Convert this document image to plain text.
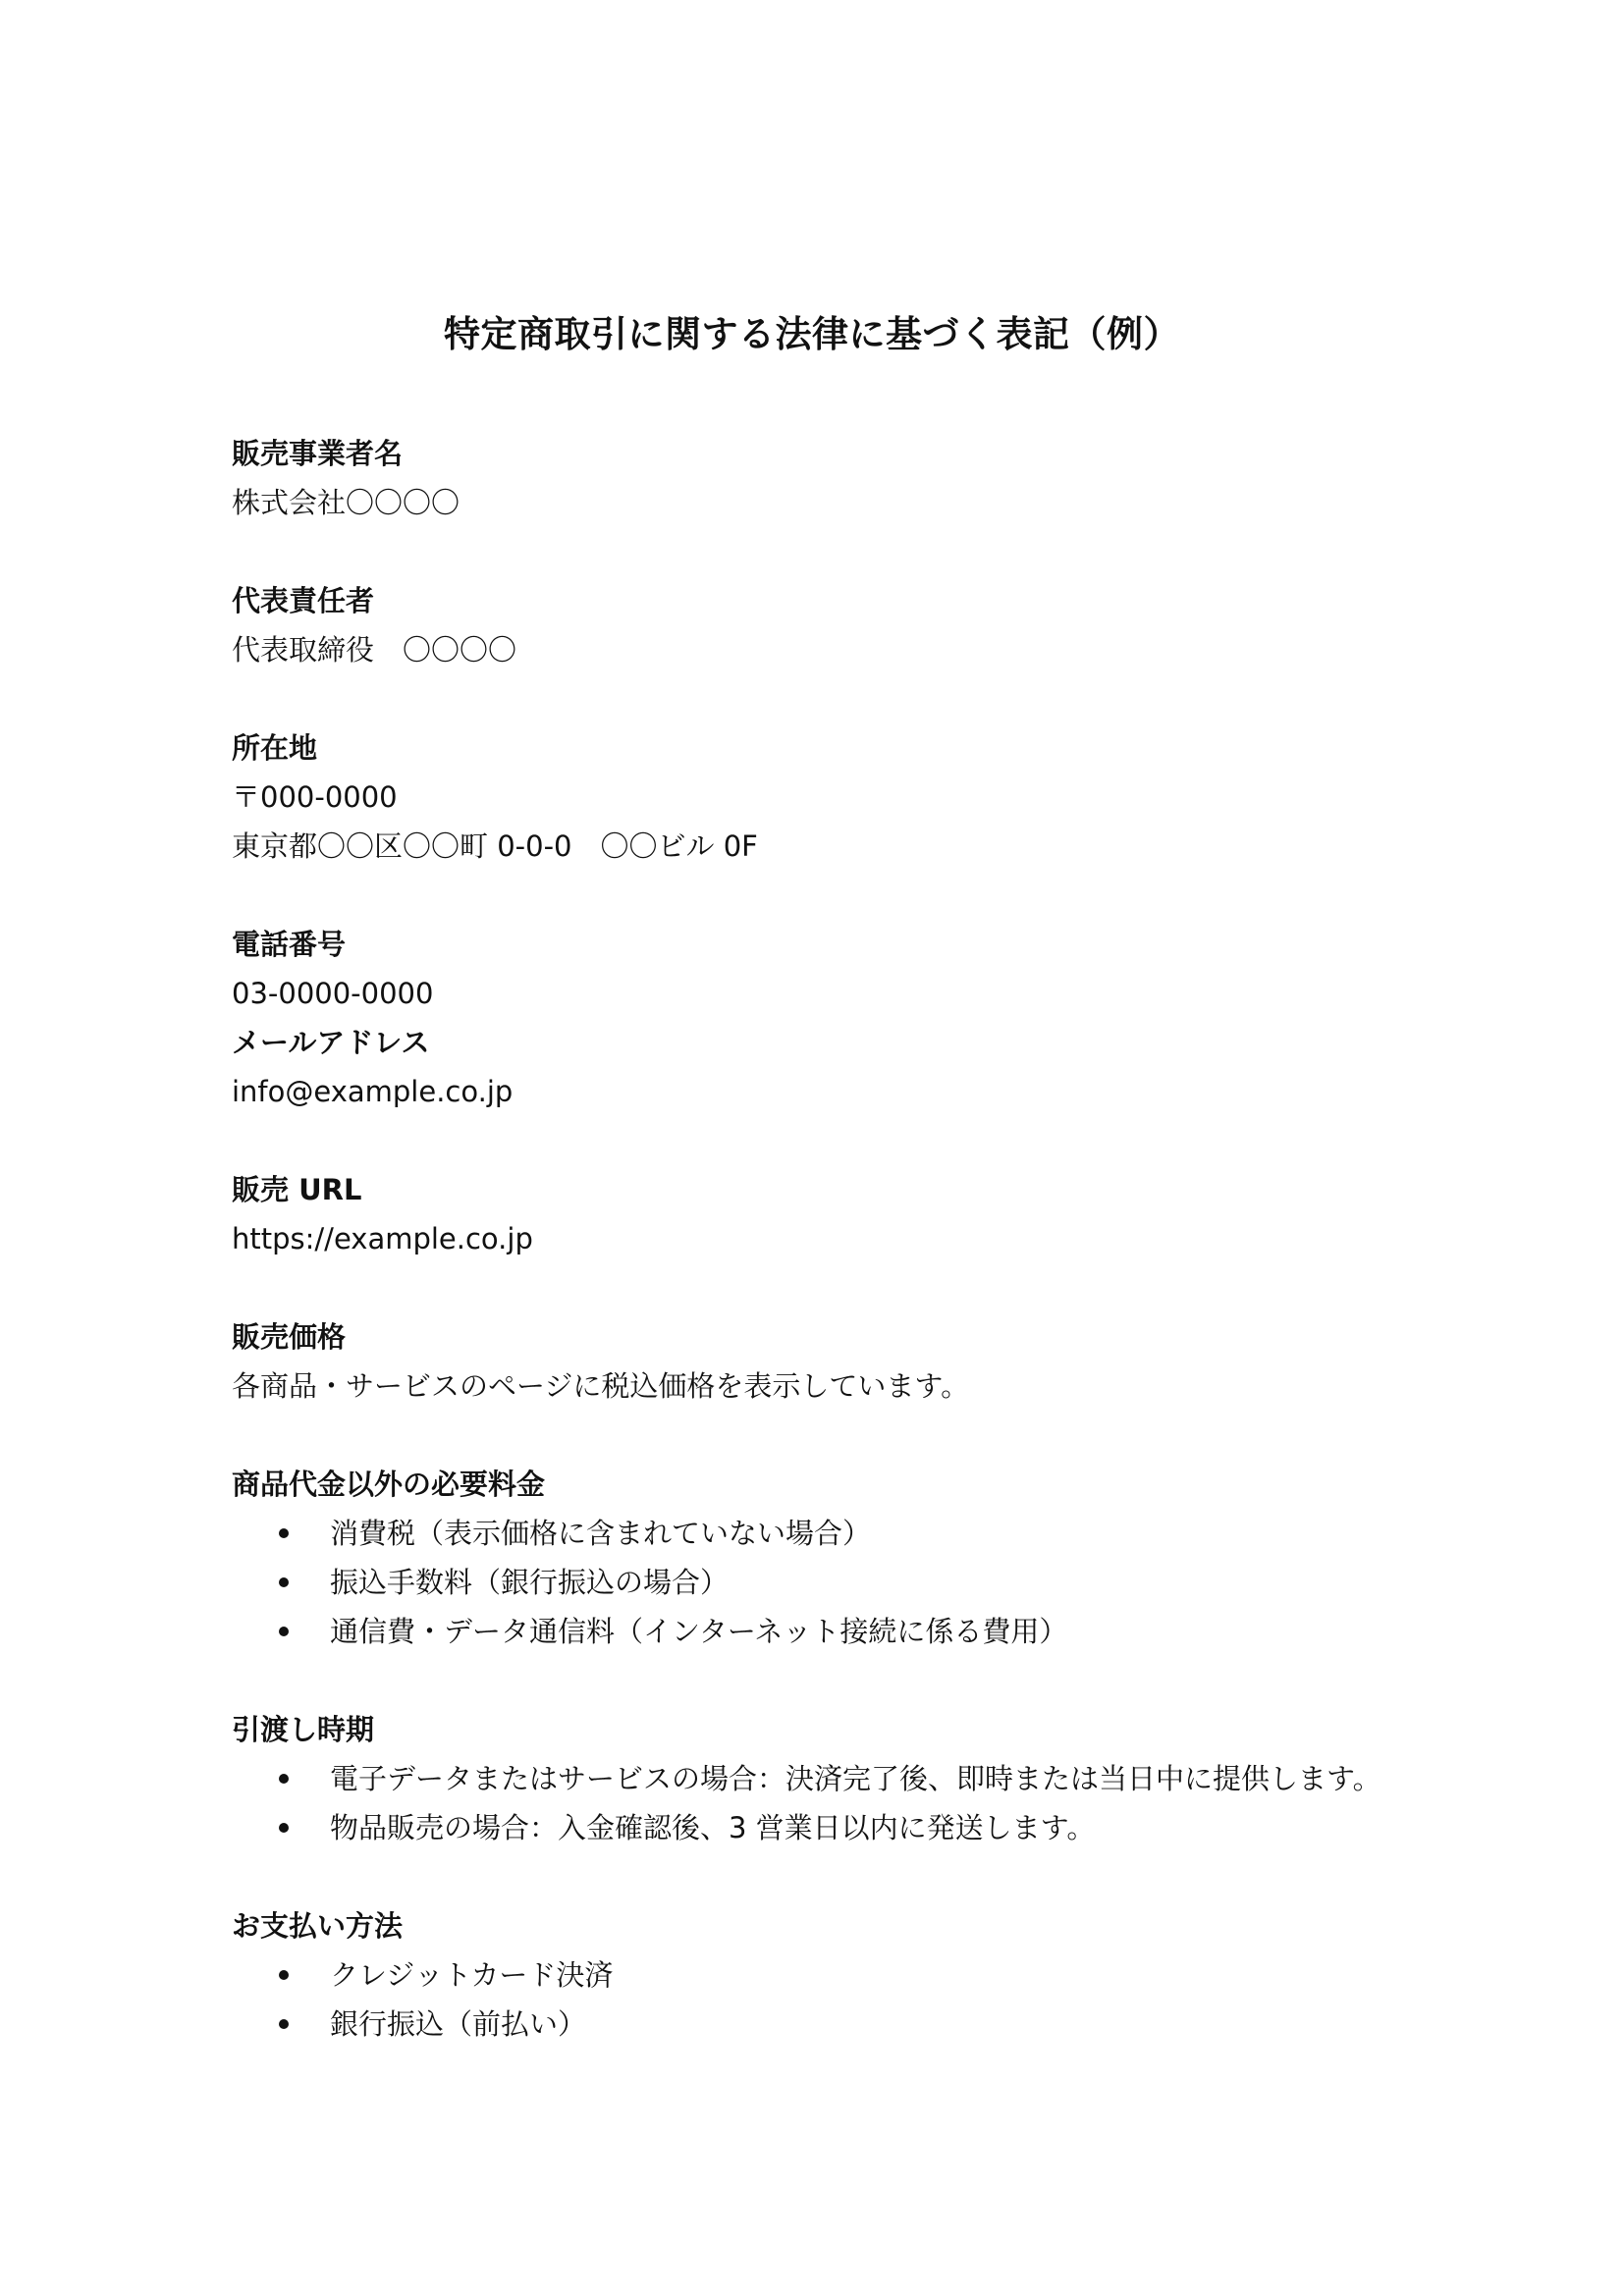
特定商取引に関する法律に基づく表記（例）

販売事業者名

株式会社〇〇〇〇

代表責任者

代表取締役　〇〇〇〇

所在地

〒000-0000

東京都〇〇区〇〇町 0-0-0　〇〇ビル 0F

電話番号

03-0000-0000

メールアドレス

info@example.co.jp

販売 URL

https://example.co.jp

販売価格

各商品・サービスのページに税込価格を表示しています。

商品代金以外の必要料金

消費税（表示価格に含まれていない場合）
振込手数料（銀行振込の場合）
通信費・データ通信料（インターネット接続に係る費用）

引渡し時期

電子データまたはサービスの場合：決済完了後、即時または当日中に提供します。
物品販売の場合：入金確認後、3 営業日以内に発送します。

お支払い方法

クレジットカード決済
銀行振込（前払い）
